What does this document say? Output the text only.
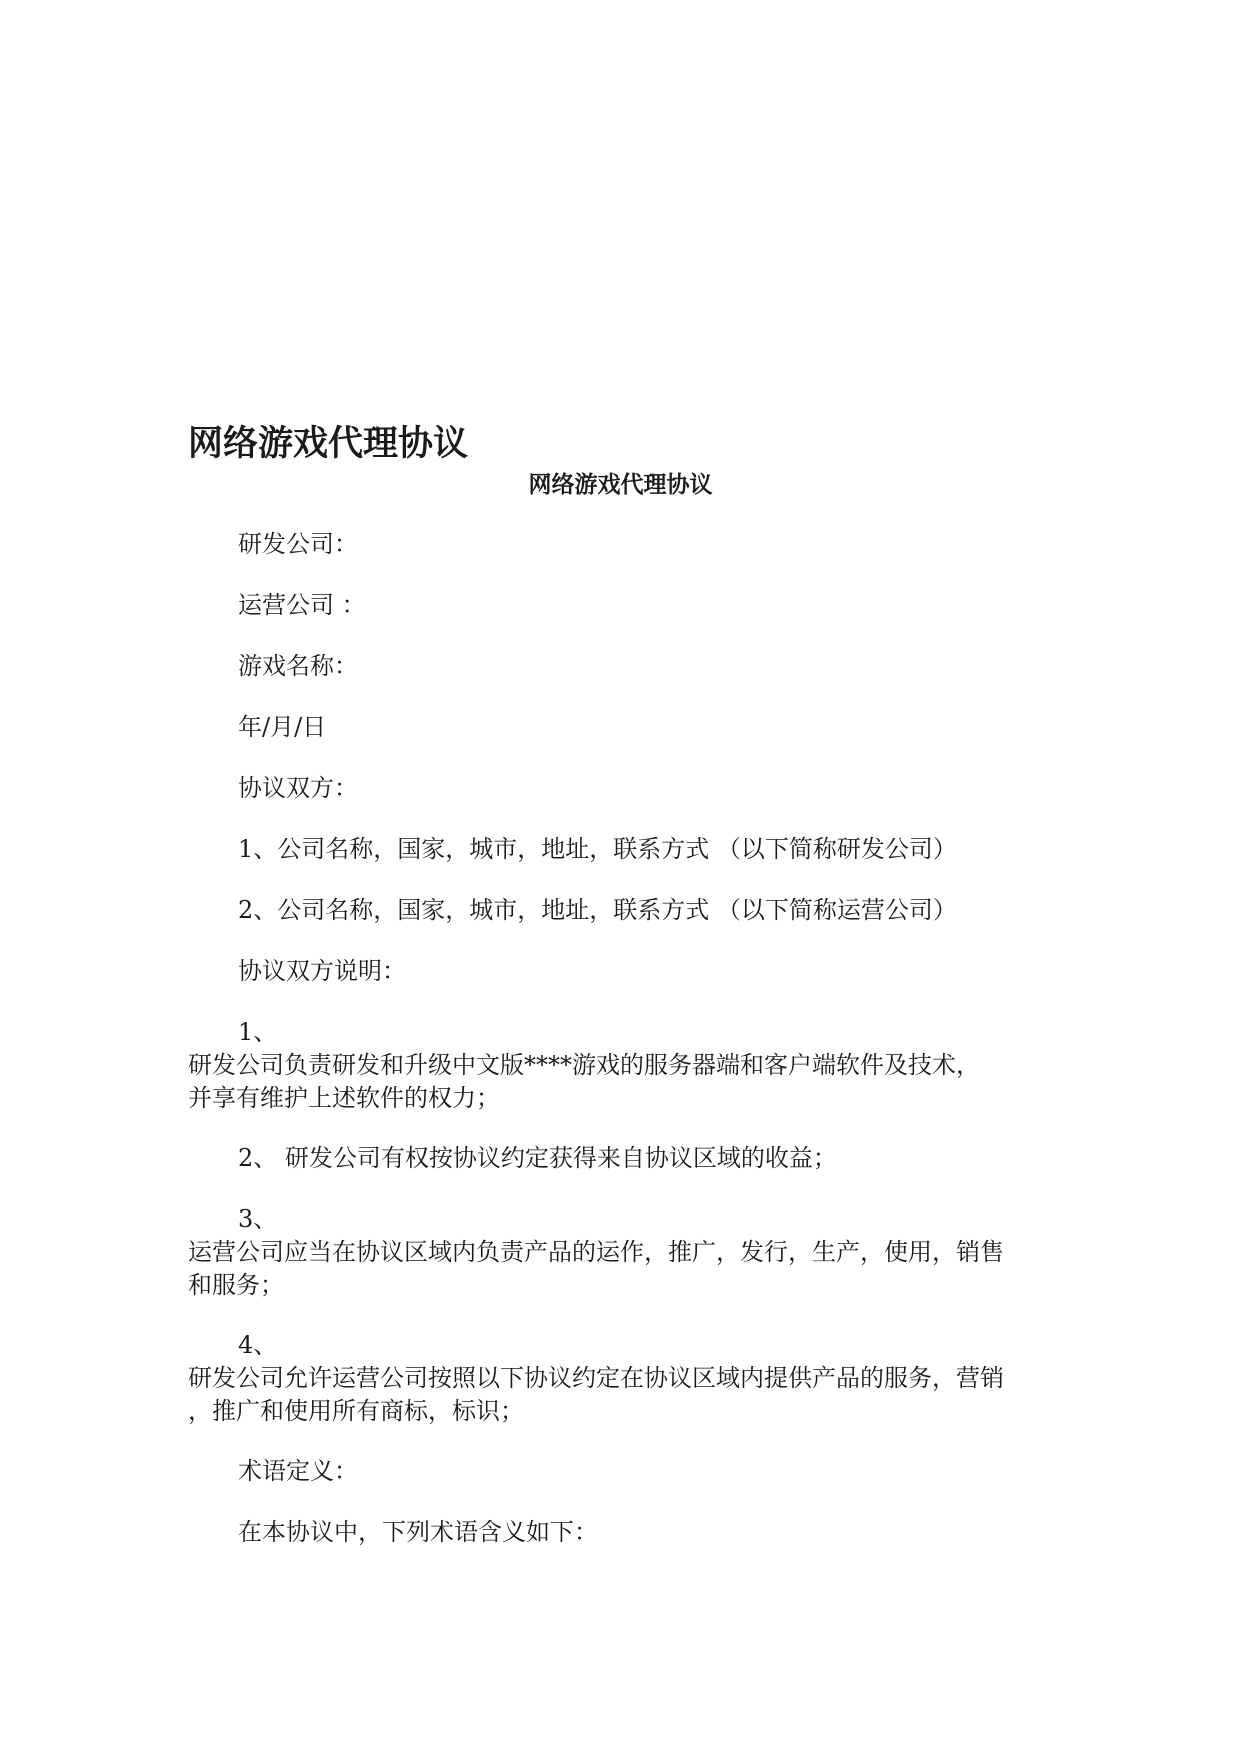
网络游戏代理协议
网络游戏代理协议
研发公司：
运营公司 ：
游戏名称：
年/月/日
协议双方：
1、公司名称，国家，城市，地址，联系方式 （以下简称研发公司）
2、公司名称，国家，城市，地址，联系方式 （以下简称运营公司）
协议双方说明：
1、
研发公司负责研发和升级中文版****游戏的服务器端和客户端软件及技术，
并享有维护上述软件的权力；
2、 研发公司有权按协议约定获得来自协议区域的收益；
3、
运营公司应当在协议区域内负责产品的运作，推广，发行，生产，使用，销售
和服务；
4、
研发公司允许运营公司按照以下协议约定在协议区域内提供产品的服务，营销
，推广和使用所有商标，标识；
术语定义：
在本协议中，下列术语含义如下：
